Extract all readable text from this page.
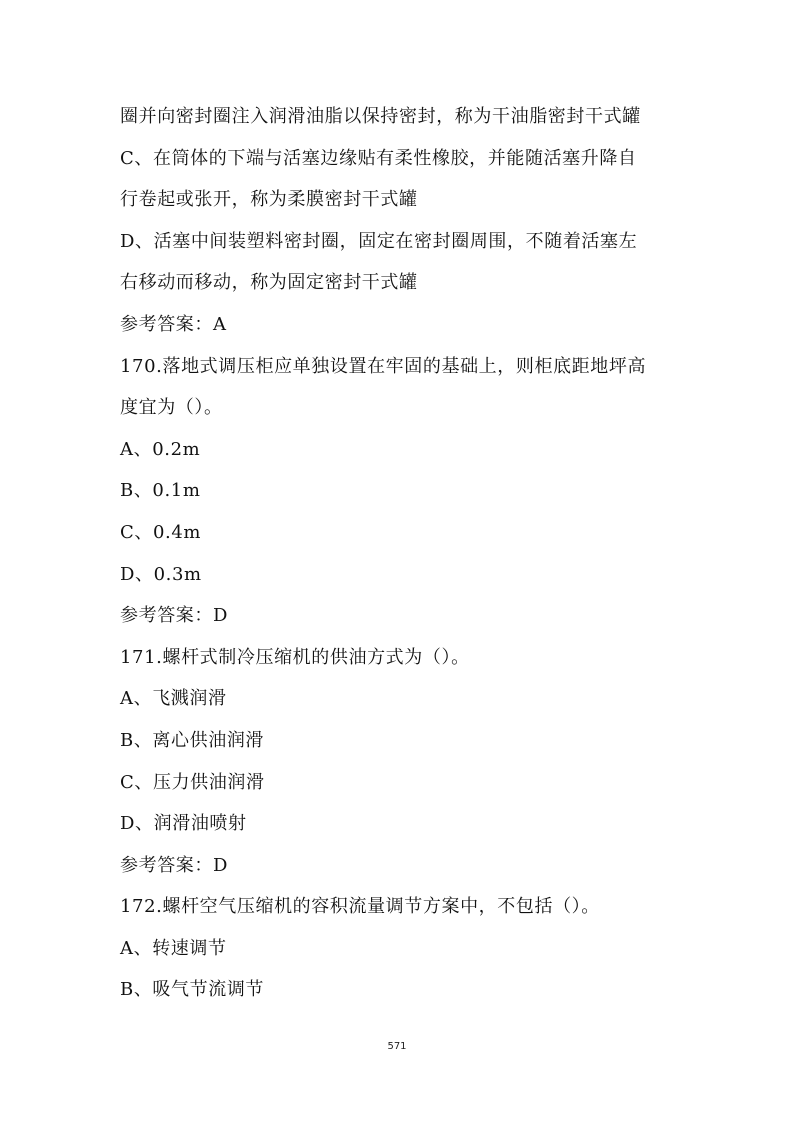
圈并向密封圈注入润滑油脂以保持密封，称为干油脂密封干式罐
C、在筒体的下端与活塞边缘贴有柔性橡胶，并能随活塞升降自
行卷起或张开，称为柔膜密封干式罐
D、活塞中间装塑料密封圈，固定在密封圈周围，不随着活塞左
右移动而移动，称为固定密封干式罐
参考答案：A
170.落地式调压柜应单独设置在牢固的基础上，则柜底距地坪高
度宜为（）。
A、0.2m
B、0.1m
C、0.4m
D、0.3m
参考答案：D
171.螺杆式制冷压缩机的供油方式为（）。
A、飞溅润滑
B、离心供油润滑
C、压力供油润滑
D、润滑油喷射
参考答案：D
172.螺杆空气压缩机的容积流量调节方案中，不包括（）。
A、转速调节
B、吸气节流调节
571
